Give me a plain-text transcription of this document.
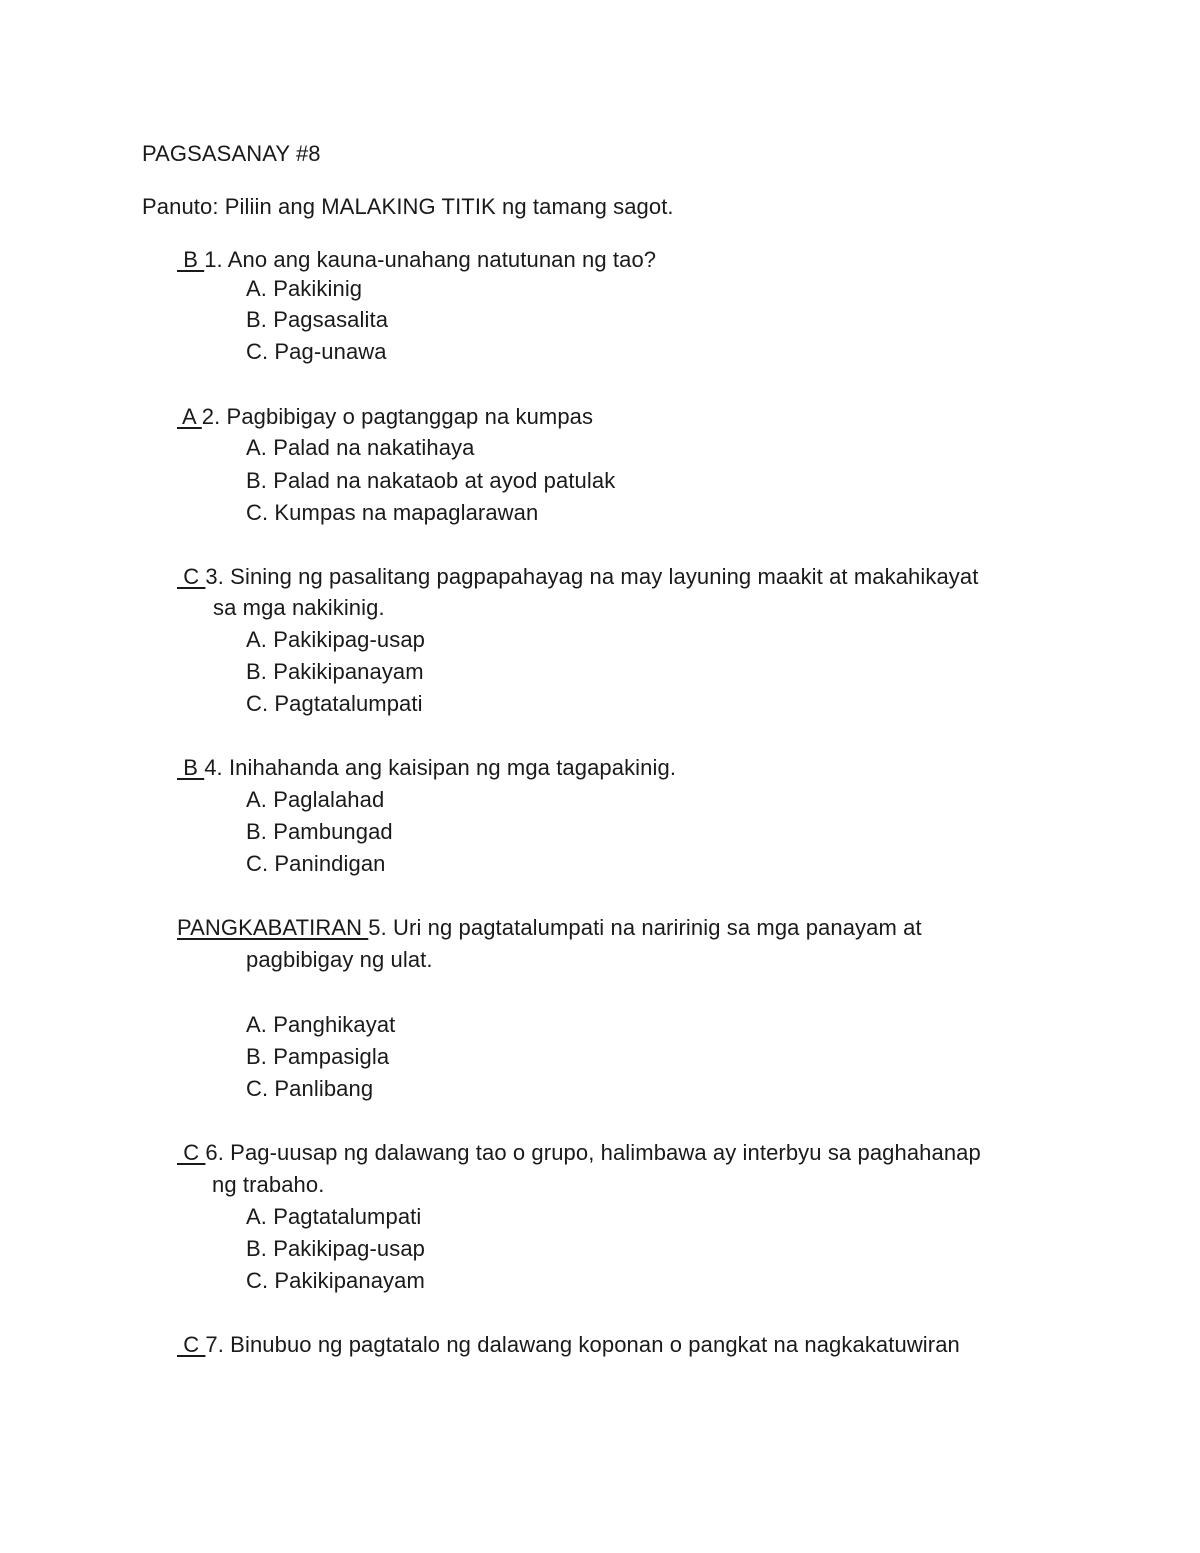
PAGSASANAY #8
Panuto: Piliin ang MALAKING TITIK ng tamang sagot.
B 1. Ano ang kauna-unahang natutunan ng tao?
A. Pakikinig
B. Pagsasalita
C. Pag-unawa
A 2. Pagbibigay o pagtanggap na kumpas
A. Palad na nakatihaya
B. Palad na nakataob at ayod patulak
C. Kumpas na mapaglarawan
C 3. Sining ng pasalitang pagpapahayag na may layuning maakit at makahikayat
sa mga nakikinig.
A. Pakikipag-usap
B. Pakikipanayam
C. Pagtatalumpati
B 4. Inihahanda ang kaisipan ng mga tagapakinig.
A. Paglalahad
B. Pambungad
C. Panindigan
PANGKABATIRAN 5. Uri ng pagtatalumpati na naririnig sa mga panayam at
pagbibigay ng ulat.
A. Panghikayat
B. Pampasigla
C. Panlibang
C 6. Pag-uusap ng dalawang tao o grupo, halimbawa ay interbyu sa paghahanap
ng trabaho.
A. Pagtatalumpati
B. Pakikipag-usap
C. Pakikipanayam
C 7. Binubuo ng pagtatalo ng dalawang koponan o pangkat na nagkakatuwiran
